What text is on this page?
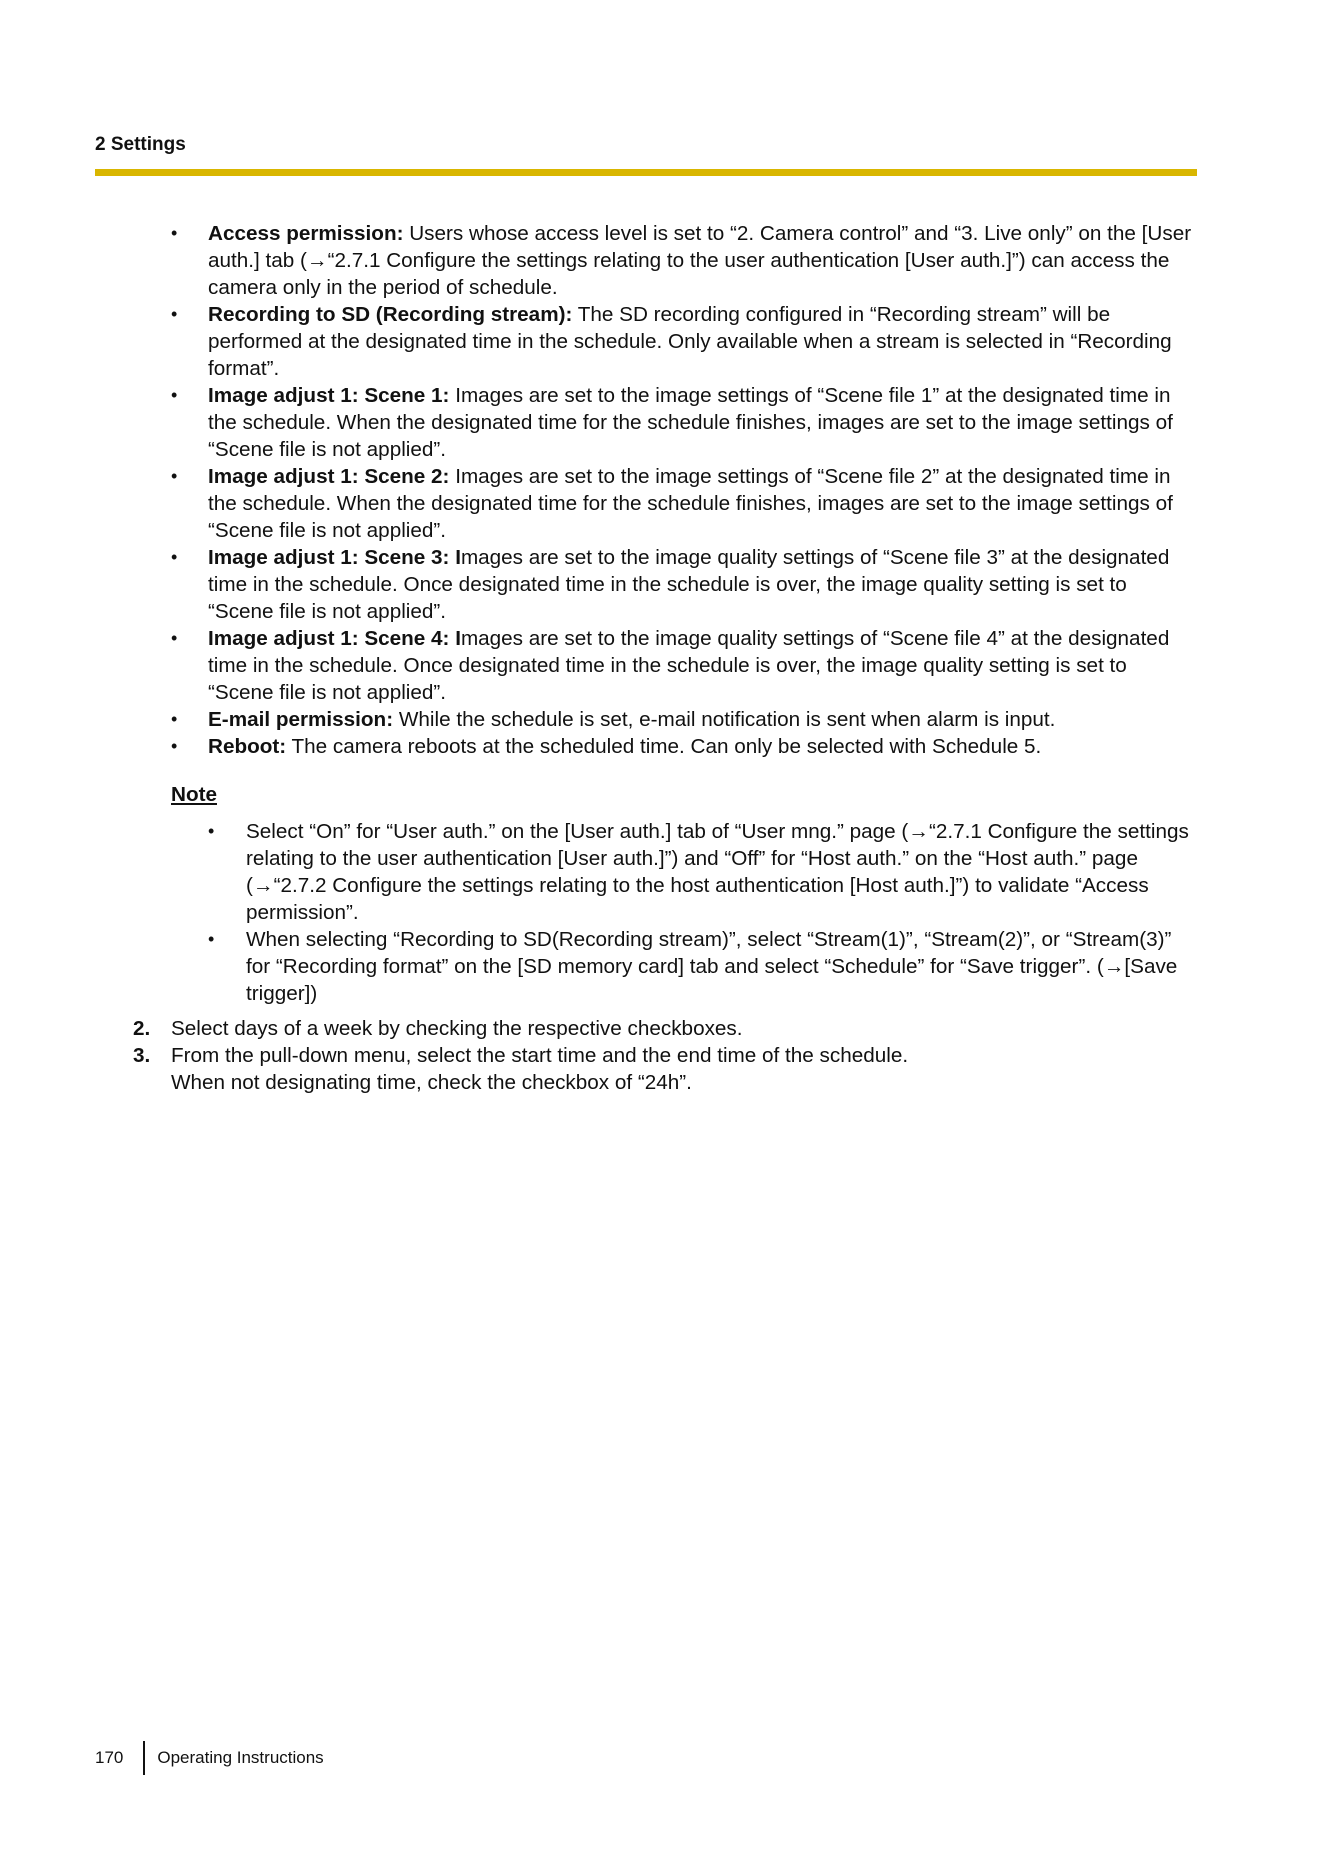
2 Settings
• Access permission: Users whose access level is set to “2. Camera control” and “3. Live only” on the [User auth.] tab (→“2.7.1 Configure the settings relating to the user authentication [User auth.]”) can access the camera only in the period of schedule.
• Recording to SD (Recording stream): The SD recording configured in “Recording stream” will be performed at the designated time in the schedule. Only available when a stream is selected in “Recording format”.
• Image adjust 1: Scene 1: Images are set to the image settings of “Scene file 1” at the designated time in the schedule. When the designated time for the schedule finishes, images are set to the image settings of “Scene file is not applied”.
• Image adjust 1: Scene 2: Images are set to the image settings of “Scene file 2” at the designated time in the schedule. When the designated time for the schedule finishes, images are set to the image settings of “Scene file is not applied”.
• Image adjust 1: Scene 3: Images are set to the image quality settings of “Scene file 3” at the designated time in the schedule. Once designated time in the schedule is over, the image quality setting is set to “Scene file is not applied”.
• Image adjust 1: Scene 4: Images are set to the image quality settings of “Scene file 4” at the designated time in the schedule. Once designated time in the schedule is over, the image quality setting is set to “Scene file is not applied”.
• E-mail permission: While the schedule is set, e-mail notification is sent when alarm is input.
• Reboot: The camera reboots at the scheduled time. Can only be selected with Schedule 5.
Note
• Select “On” for “User auth.” on the [User auth.] tab of “User mng.” page (→“2.7.1 Configure the settings relating to the user authentication [User auth.]”) and “Off” for “Host auth.” on the “Host auth.” page (→“2.7.2 Configure the settings relating to the host authentication [Host auth.]”) to validate “Access permission”.
• When selecting “Recording to SD(Recording stream)”, select “Stream(1)”, “Stream(2)”, or “Stream(3)” for “Recording format” on the [SD memory card] tab and select “Schedule” for “Save trigger”. (→[Save trigger])
2. Select days of a week by checking the respective checkboxes.
3. From the pull-down menu, select the start time and the end time of the schedule.
When not designating time, check the checkbox of “24h”.
170 Operating Instructions
